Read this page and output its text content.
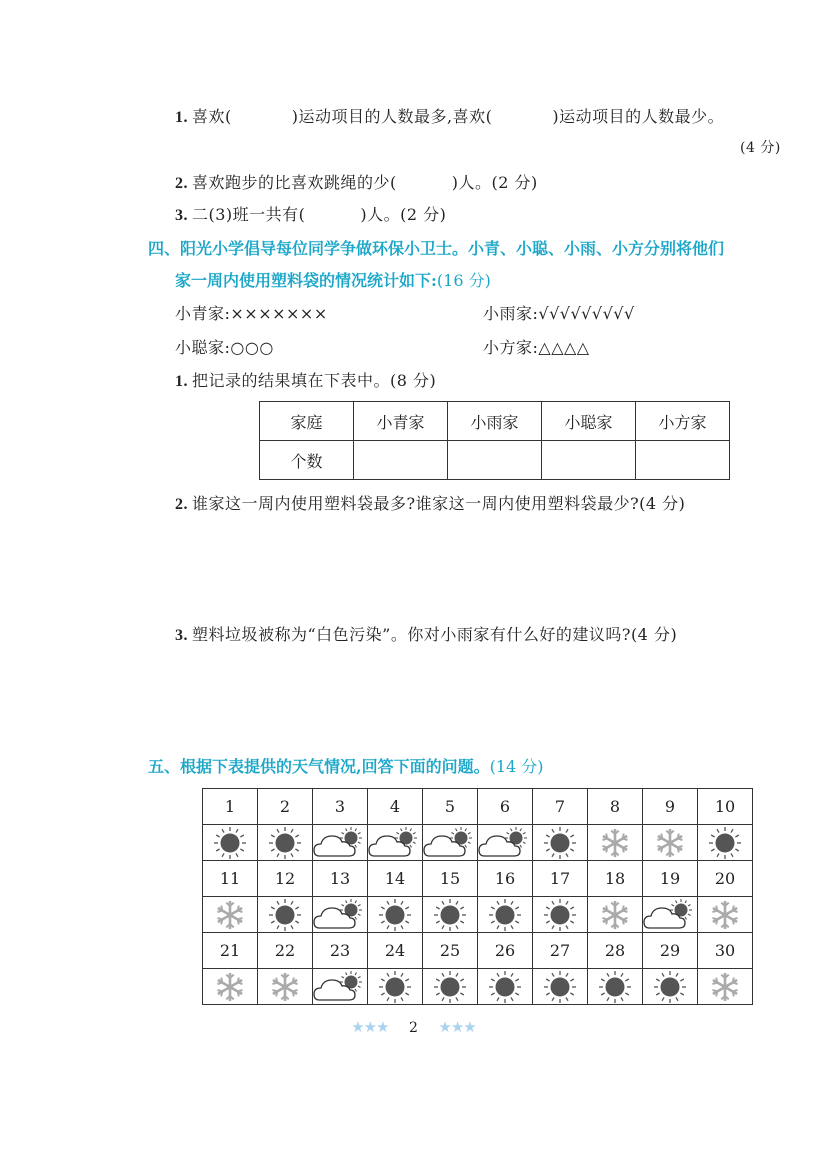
1. 喜欢(	)运动项目的人数最多,喜欢(	)运动项目的人数最少。
(4 分)
2. 喜欢跑步的比喜欢跳绳的少(	)人。(2 分)
3. 二(3)班一共有(	)人。(2 分)
四、阳光小学倡导每位同学争做环保小卫士。小青、小聪、小雨、小方分别将他们
家一周内使用塑料袋的情况统计如下:(16 分)
小青家:×××××××	小雨家:√√√√√√√√√
小聪家:○○○	小方家:△△△△
1. 把记录的结果填在下表中。(8 分)
家庭	小青家	小雨家	小聪家	小方家
个数				
2. 谁家这一周内使用塑料袋最多?谁家这一周内使用塑料袋最少?(4 分)
3. 塑料垃圾被称为“白色污染”。你对小雨家有什么好的建议吗?(4 分)
五、根据下表提供的天气情况,回答下面的问题。(14 分)
1	2	3	4	5	6	7	8	9	10

11	12	13	14	15	16	17	18	19	20

21	22	23	24	25	26	27	28	29	30

★★★ 2 ★★★
